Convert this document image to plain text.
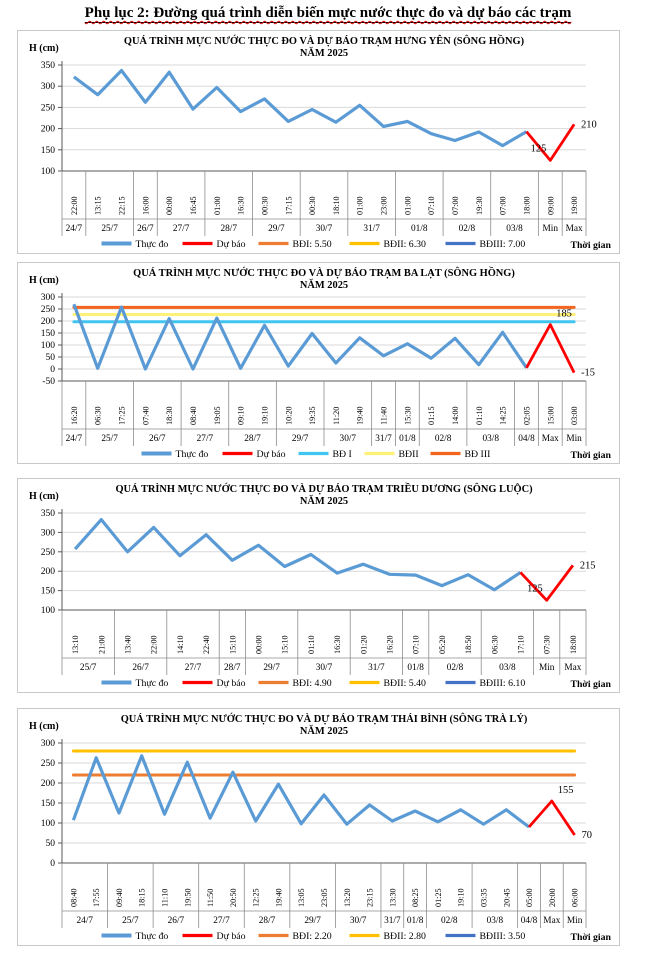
Phụ lục 2: Đường quá trình diễn biến mực nước thực đo và dự báo các trạm
QUÁ TRÌNH MỰC NƯỚC THỰC ĐO VÀ DỰ BÁO TRẠM HƯNG YÊN (SÔNG HỒNG)
NĂM 2025
H (cm)
Thời gian
100
150
200
250
300
350
125
210
22:00 13:15 22:15 16:00 00:00 16:45 01:00 16:30 00:30 17:15 00:30 18:10 01:00 23:00 01:00 07:10 07:00 19:30 07:00 18:00 09:00 19:00
24/7 25/7 26/7 27/7	28/7	29/7	30/7	31/7	01/8	02/8	03/8 Min Max
Thực đo	Dự báo	BĐI: 5.50	BĐII: 6.30	BĐIII: 7.00
QUÁ TRÌNH MỰC NƯỚC THỰC ĐO VÀ DỰ BÁO TRẠM BA LẠT (SÔNG HỒNG)
NĂM 2025
H (cm)
Thời gian
-50
0
50
100
150
200
250
300
185
-15
16:20 06:30 17:25 07:40 18:30 08:40 19:05 09:10 19:10 10:20 19:35 11:20 19:40 11:40 15:30 01:15 14:00 01:10 14:25 02:05 15:00 03:00
24/7 25/7	26/7	27/7	28/7	29/7	30/7 31/7 01/8 02/8	03/8 04/8 Max Min
Thực đo	Dự báo	BĐ I	BĐII	BĐ III
QUÁ TRÌNH MỰC NƯỚC THỰC ĐO VÀ DỰ BÁO TRẠM TRIỀU DƯƠNG (SÔNG LUỘC)
NĂM 2025
H (cm)
Thời gian
100
150
200
250
300
350
125
215
13:10 21:00 13:40 22:00 14:10 22:40 15:10 00:00 15:10 01:10 16:30 01:20 16:20 07:10 05:20 18:50 06:30 17:10 07:30 18:00
25/7	26/7	27/7 28/7 29/7	30/7	31/7 01/8 02/8	03/8	Min Max
Thực đo	Dự báo	BĐI: 4.90	BĐII: 5.40	BĐIII: 6.10
QUÁ TRÌNH MỰC NƯỚC THỰC ĐO VÀ DỰ BÁO TRẠM THÁI BÌNH (SÔNG TRÀ LÝ)
NĂM 2025
H (cm)
Thời gian
0
50
100
150
200
250
300
155
70
08:40 17:55 09:40 18:15 11:10 19:50 11:50 20:50 12:25 19:40 13:05 23:05 13:20 23:15 13:30 08:25 01:25 19:10 03:35 20:45 05:00 20:00 06:00
24/7	25/7	26/7	27/7	28/7	29/7	30/7 31/7 01/8 02/8	03/8 04/8 Max Min
Thực đo	Dự báo	BĐI: 2.20	BĐII: 2.80	BĐIII: 3.50
